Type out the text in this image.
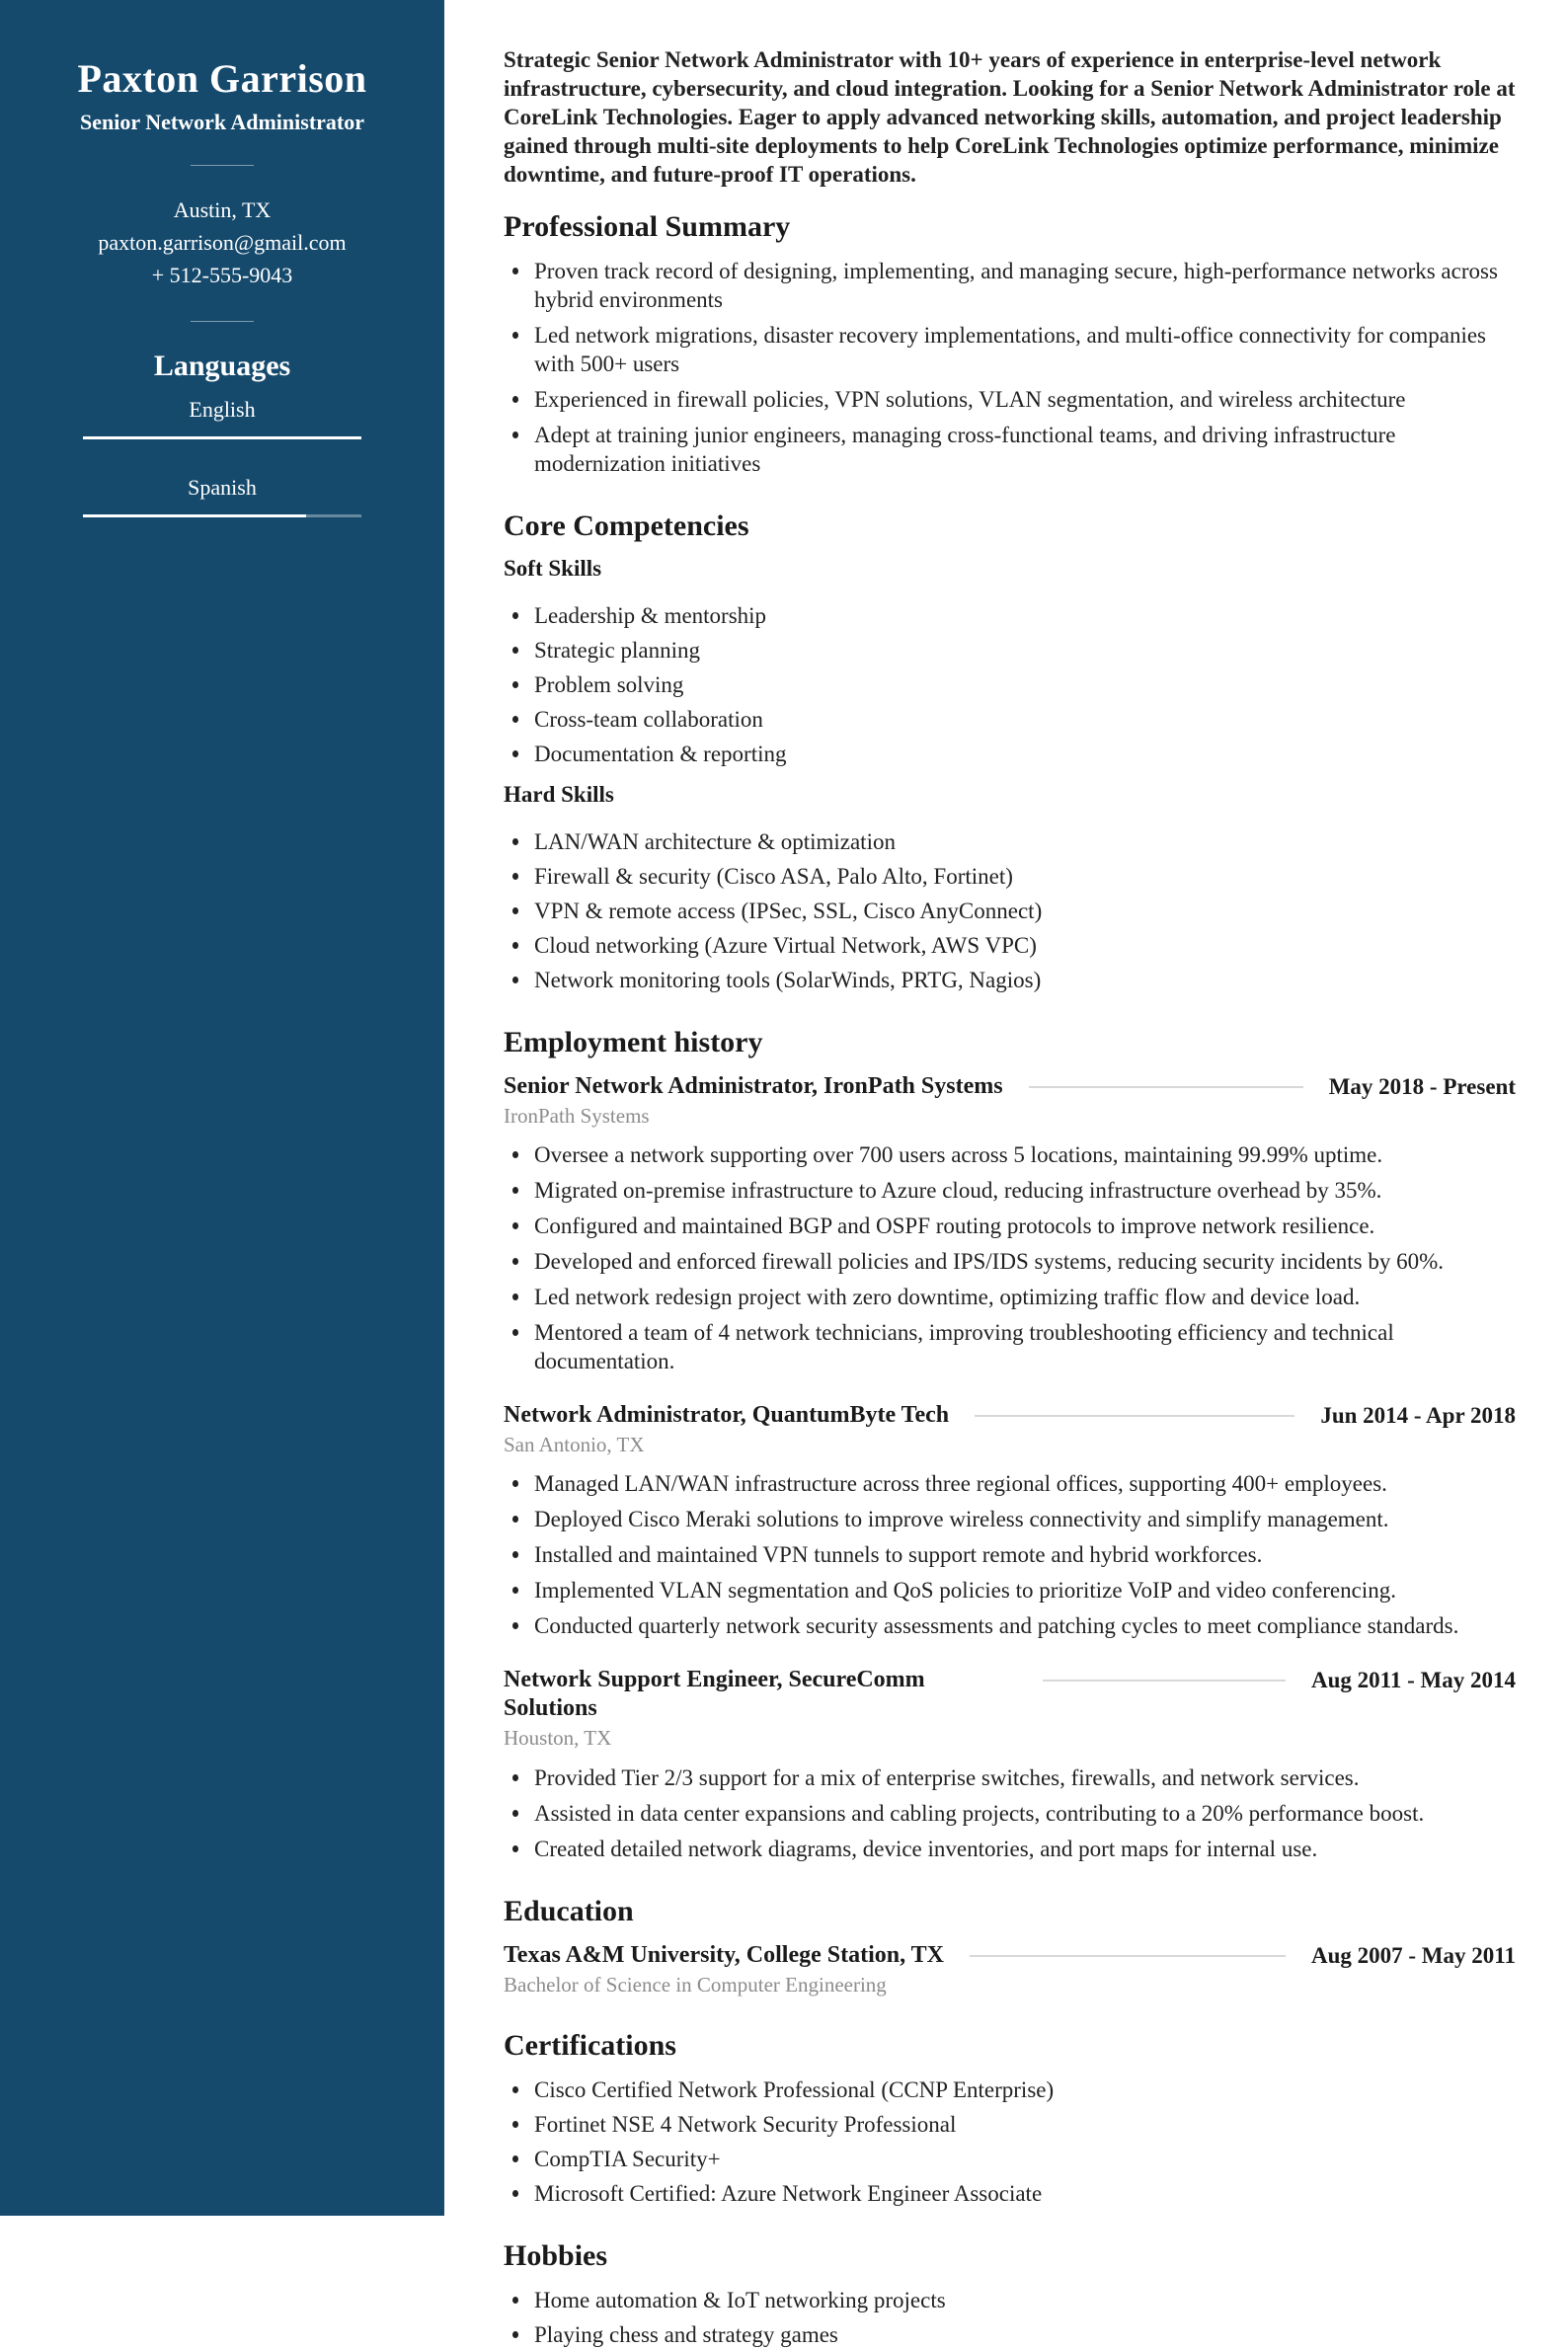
Paxton Garrison
Senior Network Administrator

Austin, TX

paxton.garrison@gmail.com

+ 512-555-9043

Languages
English
Spanish

Strategic Senior Network Administrator with 10+ years of experience in enterprise-level network infrastructure, cybersecurity, and cloud integration. Looking for a Senior Network Administrator role at CoreLink Technologies. Eager to apply advanced networking skills, automation, and project leadership gained through multi-site deployments to help CoreLink Technologies optimize performance, minimize downtime, and future-proof IT operations.

Professional Summary
Proven track record of designing, implementing, and managing secure, high-performance networks across hybrid environments
Led network migrations, disaster recovery implementations, and multi-office connectivity for companies with 500+ users
Experienced in firewall policies, VPN solutions, VLAN segmentation, and wireless architecture
Adept at training junior engineers, managing cross-functional teams, and driving infrastructure modernization initiatives
Core Competencies
Soft Skills
Leadership & mentorship
Strategic planning
Problem solving
Cross-team collaboration
Documentation & reporting
Hard Skills
LAN/WAN architecture & optimization
Firewall & security (Cisco ASA, Palo Alto, Fortinet)
VPN & remote access (IPSec, SSL, Cisco AnyConnect)
Cloud networking (Azure Virtual Network, AWS VPC)
Network monitoring tools (SolarWinds, PRTG, Nagios)
Employment history
Senior Network Administrator, IronPath Systems	May 2018 - Present
IronPath Systems
Oversee a network supporting over 700 users across 5 locations, maintaining 99.99% uptime.
Migrated on-premise infrastructure to Azure cloud, reducing infrastructure overhead by 35%.
Configured and maintained BGP and OSPF routing protocols to improve network resilience.
Developed and enforced firewall policies and IPS/IDS systems, reducing security incidents by 60%.
Led network redesign project with zero downtime, optimizing traffic flow and device load.
Mentored a team of 4 network technicians, improving troubleshooting efficiency and technical documentation.
Network Administrator, QuantumByte Tech	Jun 2014 - Apr 2018
San Antonio, TX
Managed LAN/WAN infrastructure across three regional offices, supporting 400+ employees.
Deployed Cisco Meraki solutions to improve wireless connectivity and simplify management.
Installed and maintained VPN tunnels to support remote and hybrid workforces.
Implemented VLAN segmentation and QoS policies to prioritize VoIP and video conferencing.
Conducted quarterly network security assessments and patching cycles to meet compliance standards.
Network Support Engineer, SecureComm Solutions
Aug 2011 - May 2014
Houston, TX
Provided Tier 2/3 support for a mix of enterprise switches, firewalls, and network services.
Assisted in data center expansions and cabling projects, contributing to a 20% performance boost.
Created detailed network diagrams, device inventories, and port maps for internal use.
Education
Texas A&M University, College Station, TX	Aug 2007 - May 2011
Bachelor of Science in Computer Engineering
Certifications
Cisco Certified Network Professional (CCNP Enterprise)
Fortinet NSE 4 Network Security Professional
CompTIA Security+
Microsoft Certified: Azure Network Engineer Associate
Hobbies
Home automation & IoT networking projects
Playing chess and strategy games
